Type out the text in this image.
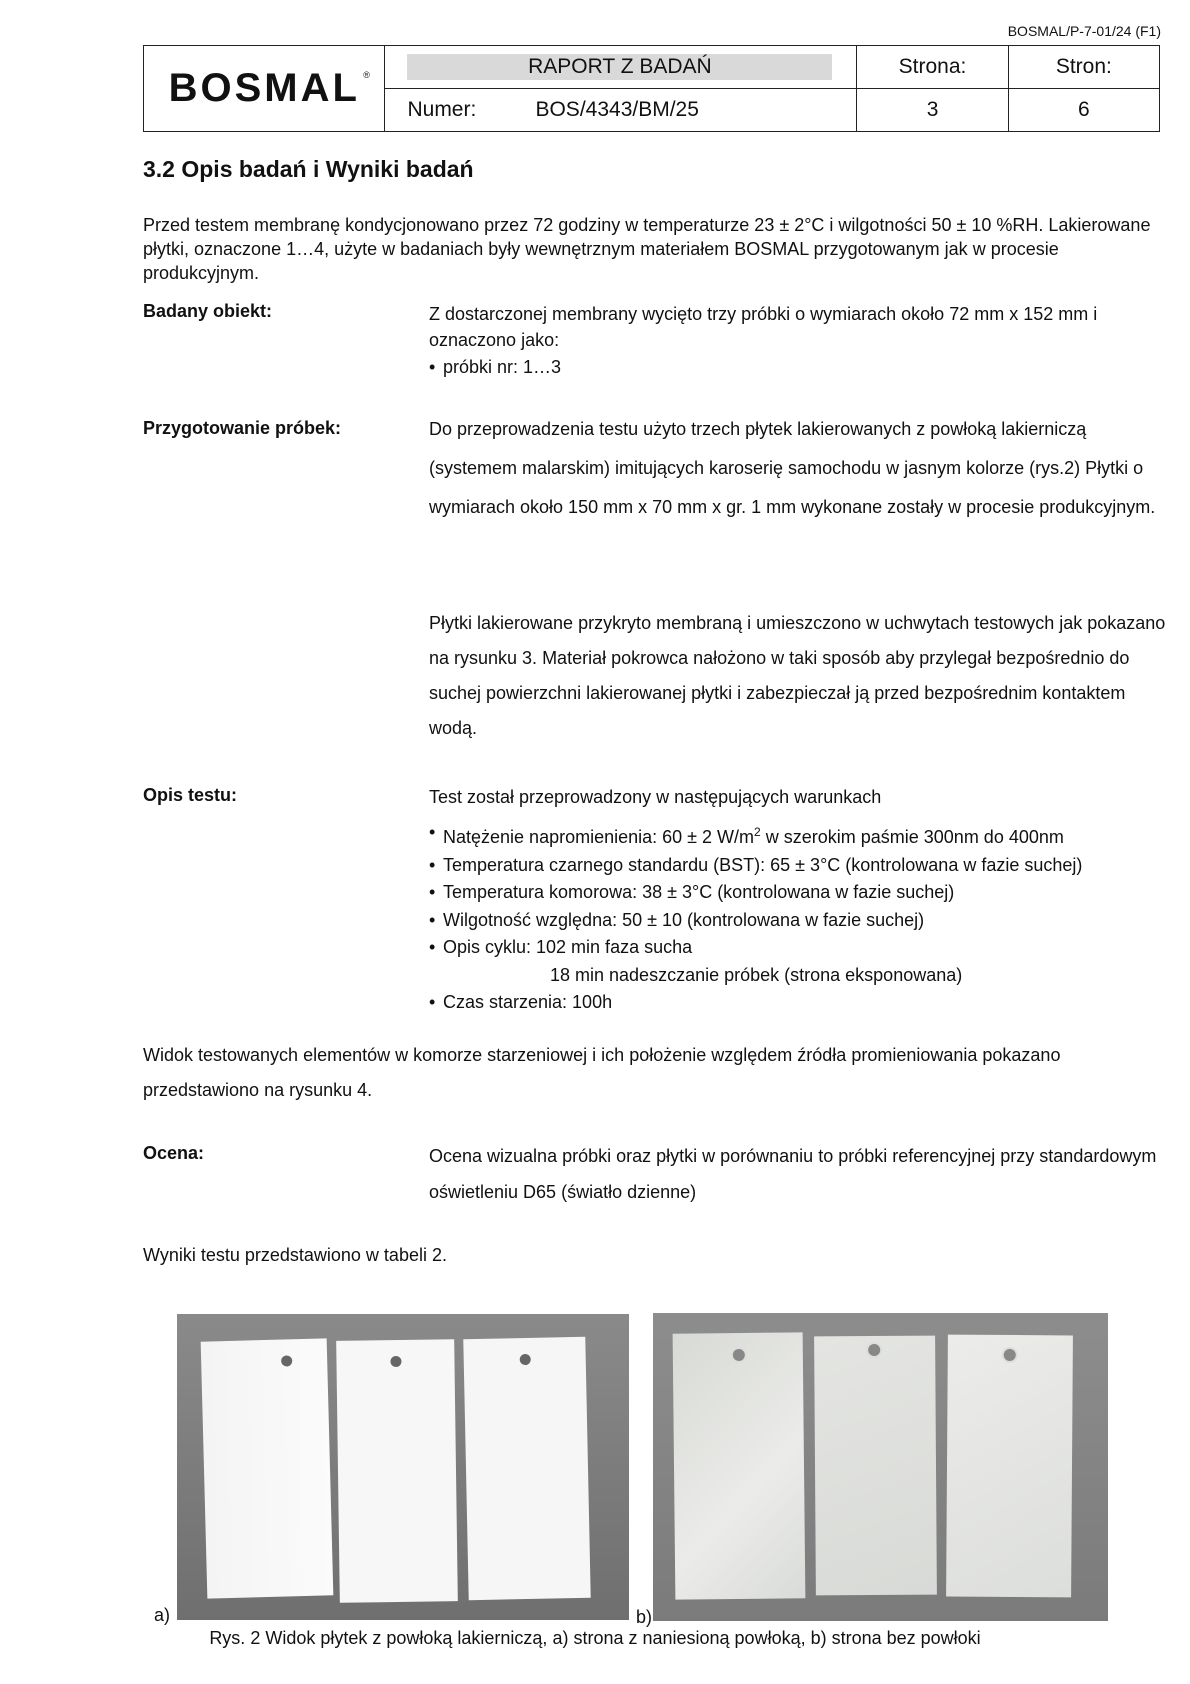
BOSMAL/P-7-01/24 (F1)
BOSMAL ®	RAPORT Z BADAŃ	Strona:	Stron:

	Numer: BOS/4343/BM/25	3	6
3.2 Opis badań i Wyniki badań

Przed testem membranę kondycjonowano przez 72 godziny w temperaturze 23 ± 2°C i wilgotności 50 ± 10 %RH. Lakierowane płytki, oznaczone 1…4, użyte w badaniach były wewnętrznym materiałem BOSMAL przygotowanym jak w procesie produkcyjnym.

Badany obiekt:	Z dostarczonej membrany wycięto trzy próbki o wymiarach około 72 mm x 152 mm i oznaczono jako:

• próbki nr: 1…3
Przygotowanie próbek:	Do przeprowadzenia testu użyto trzech płytek lakierowanych z powłoką lakierniczą (systemem malarskim) imitujących karoserię samochodu w jasnym kolorze (rys.2) Płytki o wymiarach około 150 mm x 70 mm x gr. 1 mm wykonane zostały w procesie produkcyjnym.

Płytki lakierowane przykryto membraną i umieszczono w uchwytach testowych jak pokazano na rysunku 3. Materiał pokrowca nałożono w taki sposób aby przylegał bezpośrednio do suchej powierzchni lakierowanej płytki i zabezpieczał ją przed bezpośrednim kontaktem wodą.

Opis testu:	Test został przeprowadzony w następujących warunkach

• Natężenie napromienienia: 60 ± 2 $W/m^2$ w szerokim paśmie 300nm do 400nm
• Temperatura czarnego standardu (BST): 65 ± 3°C (kontrolowana w fazie suchej)
• Temperatura komorowa: 38 ± 3°C (kontrolowana w fazie suchej)
• Wilgotność względna: 50 ± 10 (kontrolowana w fazie suchej)
• Opis cyklu: 102 min faza sucha
18 min nadeszczanie próbek (strona eksponowana)
• Czas starzenia: 100h

Widok testowanych elementów w komorze starzeniowej i ich położenie względem źródła promieniowania pokazano przedstawiono na rysunku 4.

Ocena:	Ocena wizualna próbki oraz płytki w porównaniu to próbki referencyjnej przy standardowym oświetleniu D65 (światło dzienne)

Wyniki testu przedstawiono w tabeli 2.

a)	b)
Rys. 2 Widok płytek z powłoką lakierniczą, a) strona z naniesioną powłoką, b) strona bez powłoki
